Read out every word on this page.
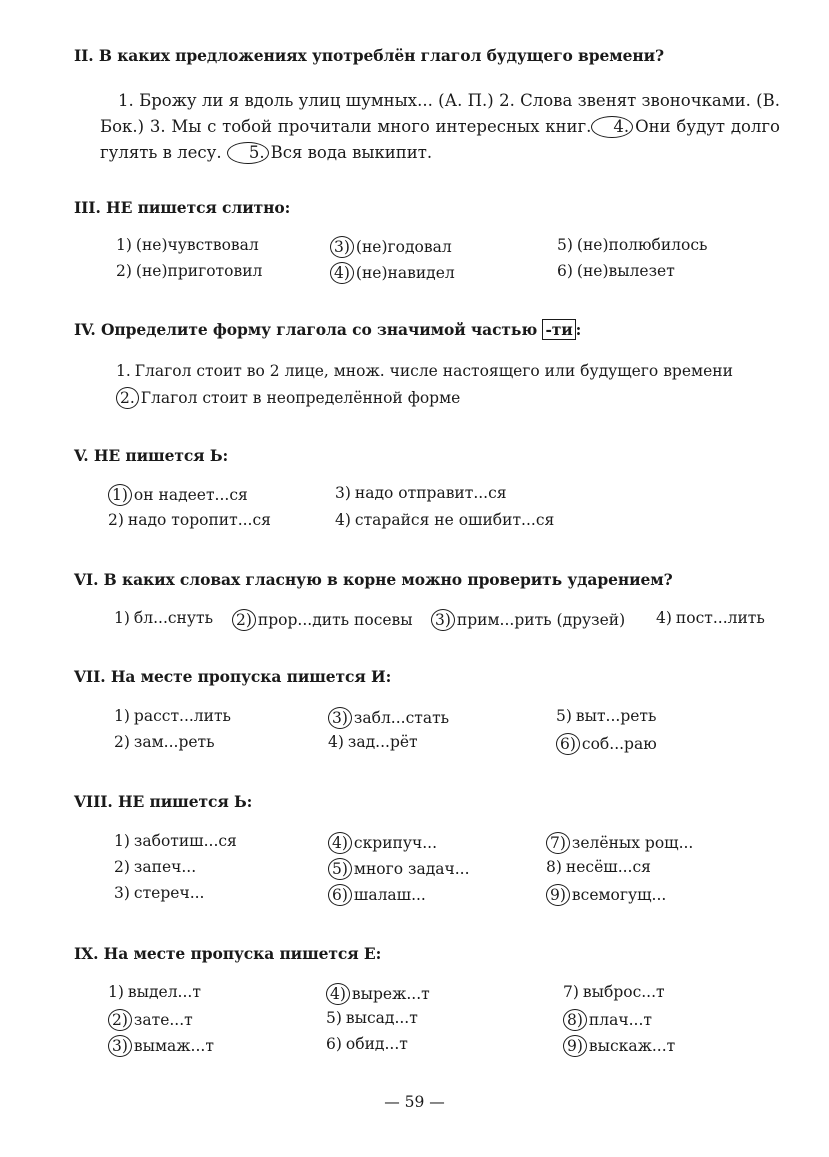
II. В каких предложениях употреблён глагол будущего времени?
1. Брожу ли я вдоль улиц шумных... (А. П.) 2. Слова звенят звоночками. (В. Бок.) 3. Мы с тобой прочитали много интересных книг. 4. Они будут долго гулять в лесу. 5. Вся вода выкипит.
III. НЕ пишется слитно:
1) (не)чувствовал
2) (не)приготовил
3) (не)годовал
4) (не)навидел
5) (не)полюбилось
6) (не)вылезет
IV. Определите форму глагола со значимой частью -ти :
1. Глагол стоит во 2 лице, множ. числе настоящего или будущего времени
2. Глагол стоит в неопределённой форме
V. НЕ пишется Ь:
1) он надеет...ся
2) надо торопит...ся
3) надо отправит...ся
4) старайся не ошибит...ся
VI. В каких словах гласную в корне можно проверить ударением?
1) бл...снуть 2) прор...дить посевы 3) прим...рить (друзей) 4) пост...лить
VII. На месте пропуска пишется И:
1) расст...лить
2) зам...реть
3) забл...стать
4) зад...рёт
5) выт...реть
6) соб...раю
VIII. НЕ пишется Ь:
1) заботиш...ся
2) запеч...
3) стереч...
4) скрипуч...
5) много задач...
6) шалаш...
7) зелёных рощ...
8) несёш...ся
9) всемогущ...
IX. На месте пропуска пишется Е:
1) выдел...т
2) зате...т
3) вымаж...т
4) выреж...т
5) высад...т
6) обид...т
7) выброс...т
8) плач...т
9) выскаж...т
— 59 —
